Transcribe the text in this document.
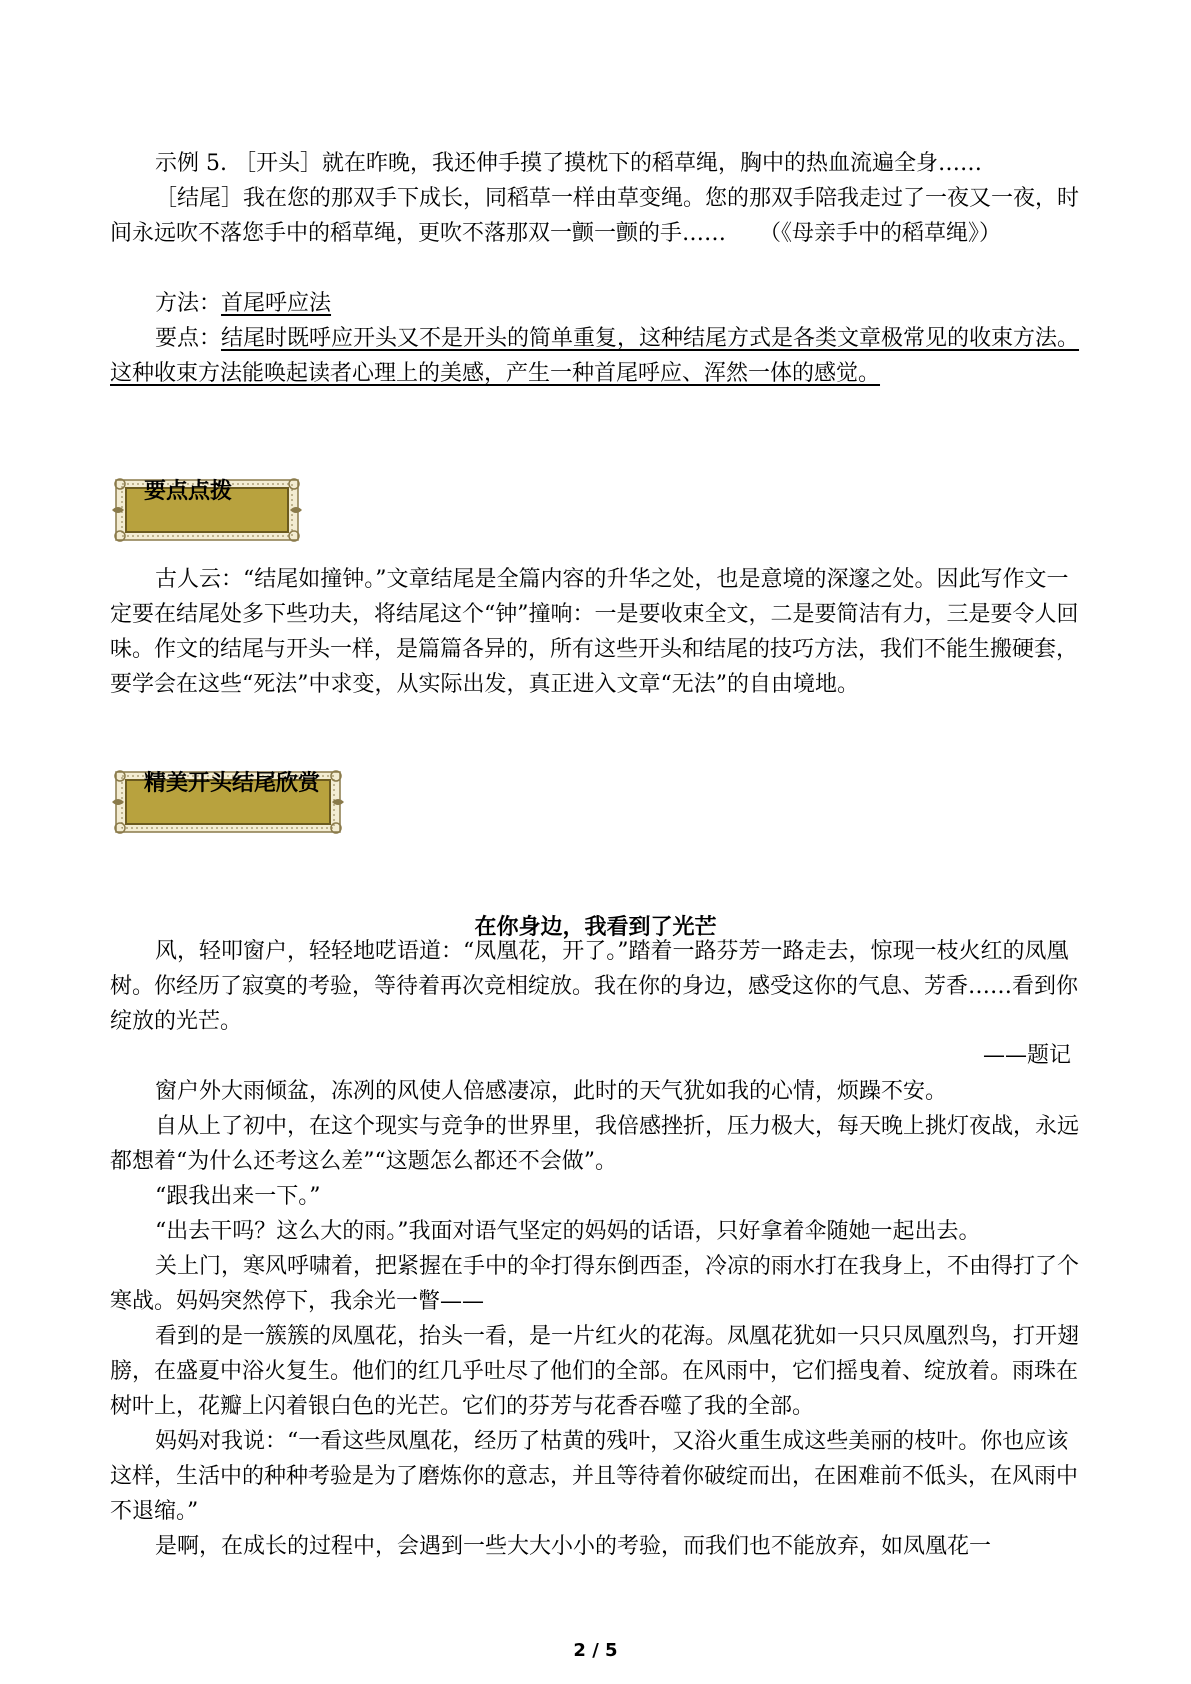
示例 5. ［开头］就在昨晚，我还伸手摸了摸枕下的稻草绳，胸中的热血流遍全身……
［结尾］我在您的那双手下成长，同稻草一样由草变绳。您的那双手陪我走过了一夜又一夜，时间永远吹不落您手中的稻草绳，更吹不落那双一颤一颤的手……　　（《母亲手中的稻草绳》）
方法：首尾呼应法
要点：结尾时既呼应开头又不是开头的简单重复，这种结尾方式是各类文章极常见的收束方法。这种收束方法能唤起读者心理上的美感，产生一种首尾呼应、浑然一体的感觉。
要点点拨
古人云：“结尾如撞钟。”文章结尾是全篇内容的升华之处，也是意境的深邃之处。因此写作文一定要在结尾处多下些功夫，将结尾这个“钟”撞响：一是要收束全文，二是要简洁有力，三是要令人回味。作文的结尾与开头一样，是篇篇各异的，所有这些开头和结尾的技巧方法，我们不能生搬硬套，要学会在这些“死法”中求变，从实际出发，真正进入文章“无法”的自由境地。
精美开头结尾欣赏
在你身边，我看到了光芒
风，轻叩窗户，轻轻地呓语道：“凤凰花，开了。”踏着一路芬芳一路走去，惊现一枝火红的凤凰树。你经历了寂寞的考验，等待着再次竞相绽放。我在你的身边，感受这你的气息、芳香……看到你绽放的光芒。
——题记
窗户外大雨倾盆，冻冽的风使人倍感凄凉，此时的天气犹如我的心情，烦躁不安。
自从上了初中，在这个现实与竞争的世界里，我倍感挫折，压力极大，每天晚上挑灯夜战，永远都想着“为什么还考这么差”“这题怎么都还不会做”。
“跟我出来一下。”
“出去干吗？这么大的雨。”我面对语气坚定的妈妈的话语，只好拿着伞随她一起出去。
关上门，寒风呼啸着，把紧握在手中的伞打得东倒西歪，冷凉的雨水打在我身上，不由得打了个寒战。妈妈突然停下，我余光一瞥——
看到的是一簇簇的凤凰花，抬头一看，是一片红火的花海。凤凰花犹如一只只凤凰烈鸟，打开翅膀，在盛夏中浴火复生。他们的红几乎吐尽了他们的全部。在风雨中，它们摇曳着、绽放着。雨珠在树叶上，花瓣上闪着银白色的光芒。它们的芬芳与花香吞噬了我的全部。
妈妈对我说：“一看这些凤凰花，经历了枯黄的残叶，又浴火重生成这些美丽的枝叶。你也应该这样，生活中的种种考验是为了磨炼你的意志，并且等待着你破绽而出，在困难前不低头，在风雨中不退缩。”
是啊，在成长的过程中，会遇到一些大大小小的考验，而我们也不能放弃，如凤凰花一
2 / 5
